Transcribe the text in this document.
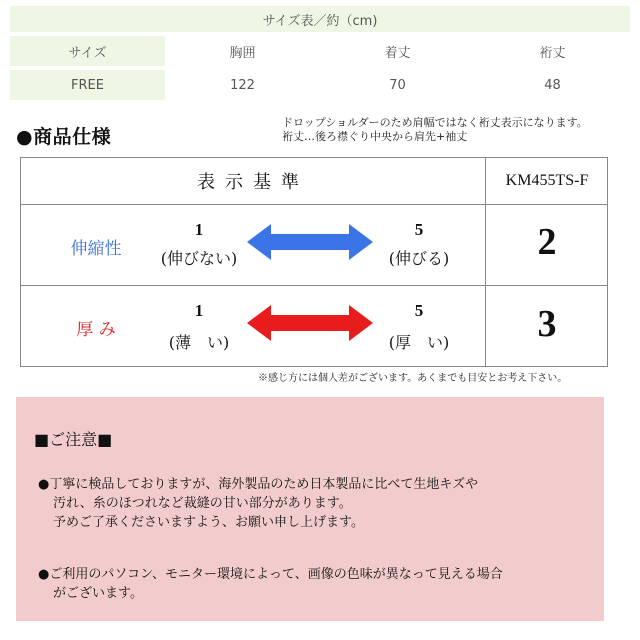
サイズ表／約（cm)			
サイズ	胸囲	着丈	裄丈
FREE	122	70	48
●商品仕様
ドロップショルダーのため肩幅ではなく裄丈表示になります。
裄丈…後ろ襟ぐり中央から肩先+袖丈
表示基準	KM455TS-F
伸縮性
1
(伸びない)
5
(伸びる)	2
厚 み
1
(薄　い)
5
(厚　い)	3
※感じ方には個人差がございます。あくまでも目安とお考え下さい。
■ご注意■
●丁寧に検品しておりますが、海外製品のため日本製品に比べて生地キズや
汚れ、糸のほつれなど裁縫の甘い部分があります。
予めご了承くださいますよう、お願い申し上げます。
●ご利用のパソコン、モニター環境によって、画像の色味が異なって見える場合
がございます。
